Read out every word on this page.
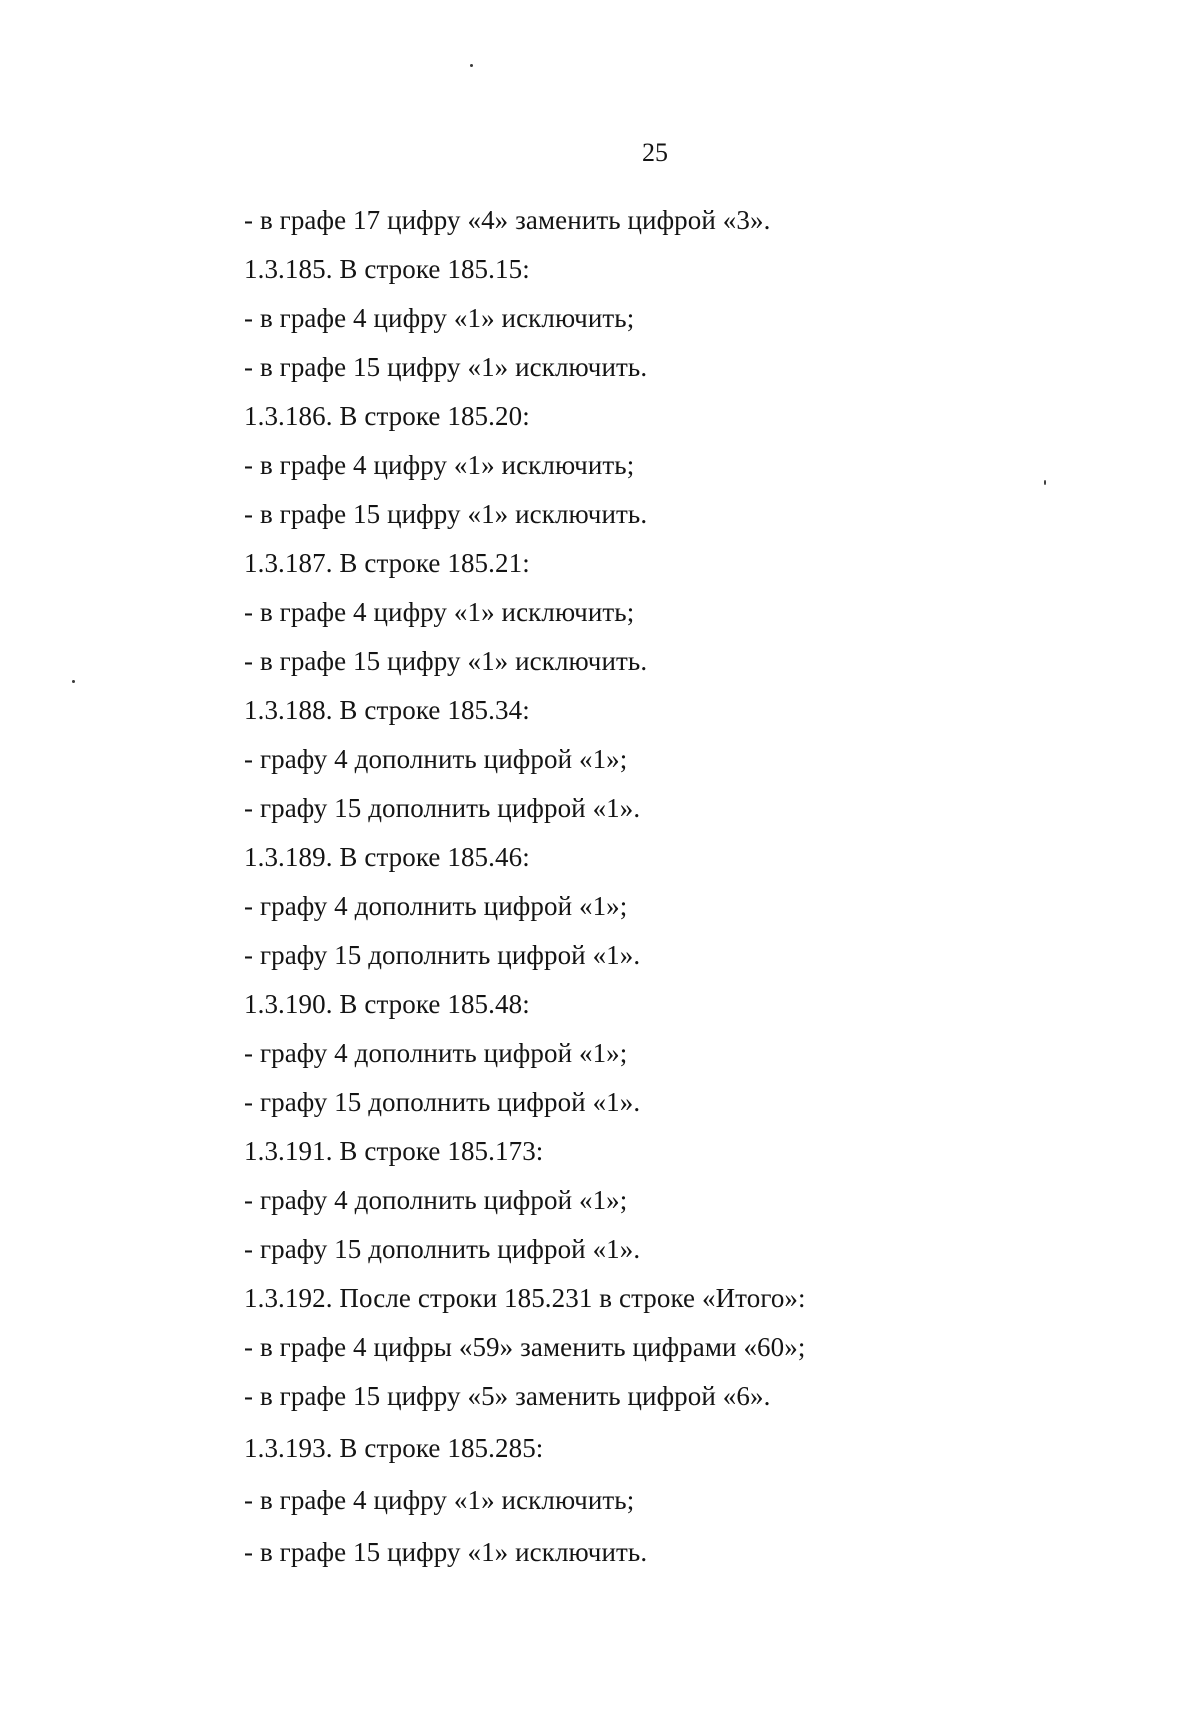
25
- в графе 17 цифру «4» заменить цифрой «3».
1.3.185. В строке 185.15:
- в графе 4 цифру «1» исключить;
- в графе 15 цифру «1» исключить.
1.3.186. В строке 185.20:
- в графе 4 цифру «1» исключить;
- в графе 15 цифру «1» исключить.
1.3.187. В строке 185.21:
- в графе 4 цифру «1» исключить;
- в графе 15 цифру «1» исключить.
1.3.188. В строке 185.34:
- графу 4 дополнить цифрой «1»;
- графу 15 дополнить цифрой «1».
1.3.189. В строке 185.46:
- графу 4 дополнить цифрой «1»;
- графу 15 дополнить цифрой «1».
1.3.190. В строке 185.48:
- графу 4 дополнить цифрой «1»;
- графу 15 дополнить цифрой «1».
1.3.191. В строке 185.173:
- графу 4 дополнить цифрой «1»;
- графу 15 дополнить цифрой «1».
1.3.192. После строки 185.231 в строке «Итого»:
- в графе 4 цифры «59» заменить цифрами «60»;
- в графе 15 цифру «5» заменить цифрой «6».
1.3.193. В строке 185.285:
- в графе 4 цифру «1» исключить;
- в графе 15 цифру «1» исключить.
